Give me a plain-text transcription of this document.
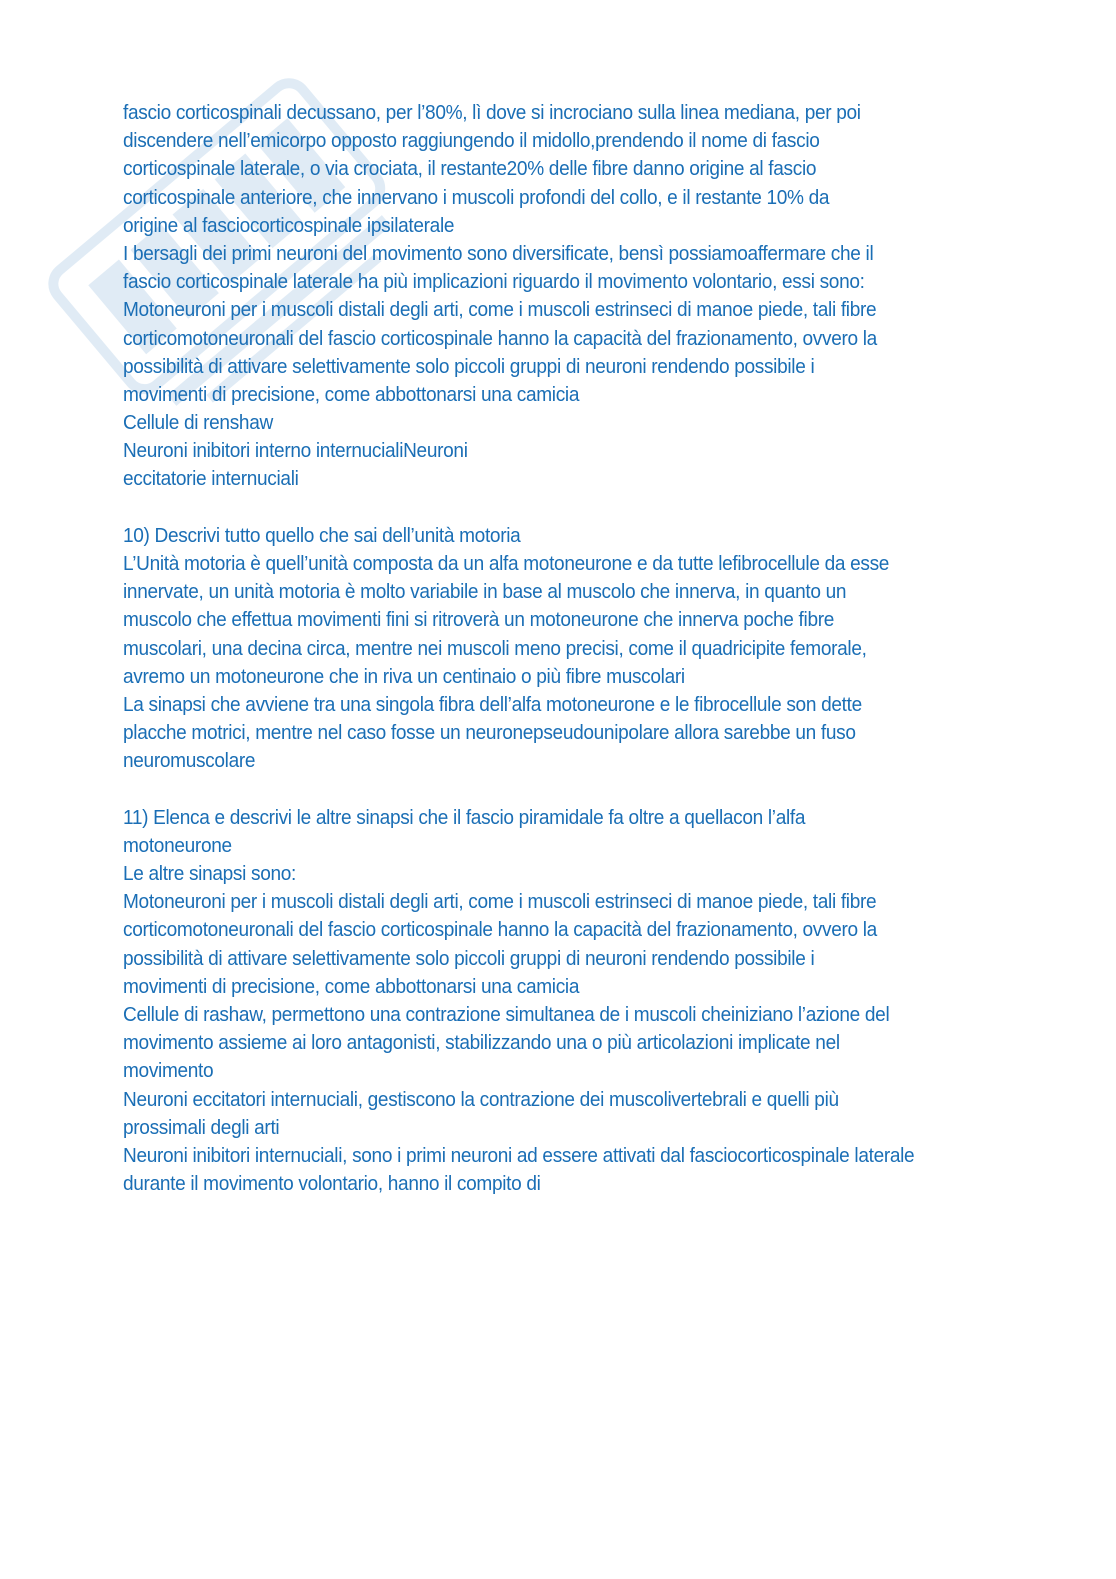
fascio corticospinali decussano, per l’80%, lì dove si incrociano sulla linea mediana, per poi
discendere nell’emicorpo opposto raggiungendo il midollo,prendendo il nome di fascio
corticospinale laterale, o via crociata, il restante20% delle fibre danno origine al fascio
corticospinale anteriore, che innervano i muscoli profondi del collo, e il restante 10% da
origine al fasciocorticospinale ipsilaterale
I bersagli dei primi neuroni del movimento sono diversificate, bensì possiamoaffermare che il
fascio corticospinale laterale ha più implicazioni riguardo il movimento volontario, essi sono:
Motoneuroni per i muscoli distali degli arti, come i muscoli estrinseci di manoe piede, tali fibre
corticomotoneuronali del fascio corticospinale hanno la capacità del frazionamento, ovvero la
possibilità di attivare selettivamente solo piccoli gruppi di neuroni rendendo possibile i
movimenti di precisione, come abbottonarsi una camicia
Cellule di renshaw
Neuroni inibitori interno internucialiNeuroni
eccitatorie internuciali
10) Descrivi tutto quello che sai dell’unità motoria
L’Unità motoria è quell’unità composta da un alfa motoneurone e da tutte lefibrocellule da esse
innervate, un unità motoria è molto variabile in base al muscolo che innerva, in quanto un
muscolo che effettua movimenti fini si ritroverà un motoneurone che innerva poche fibre
muscolari, una decina circa, mentre nei muscoli meno precisi, come il quadricipite femorale,
avremo un motoneurone che in riva un centinaio o più fibre muscolari
La sinapsi che avviene tra una singola fibra dell’alfa motoneurone e le fibrocellule son dette
placche motrici, mentre nel caso fosse un neuronepseudounipolare allora sarebbe un fuso
neuromuscolare
11) Elenca e descrivi le altre sinapsi che il fascio piramidale fa oltre a quellacon l’alfa
motoneurone
Le altre sinapsi sono:
Motoneuroni per i muscoli distali degli arti, come i muscoli estrinseci di manoe piede, tali fibre
corticomotoneuronali del fascio corticospinale hanno la capacità del frazionamento, ovvero la
possibilità di attivare selettivamente solo piccoli gruppi di neuroni rendendo possibile i
movimenti di precisione, come abbottonarsi una camicia
Cellule di rashaw, permettono una contrazione simultanea de i muscoli cheiniziano l’azione del
movimento assieme ai loro antagonisti, stabilizzando una o più articolazioni implicate nel
movimento
Neuroni eccitatori internuciali, gestiscono la contrazione dei muscolivertebrali e quelli più
prossimali degli arti
Neuroni inibitori internuciali, sono i primi neuroni ad essere attivati dal fasciocorticospinale laterale
durante il movimento volontario, hanno il compito di
